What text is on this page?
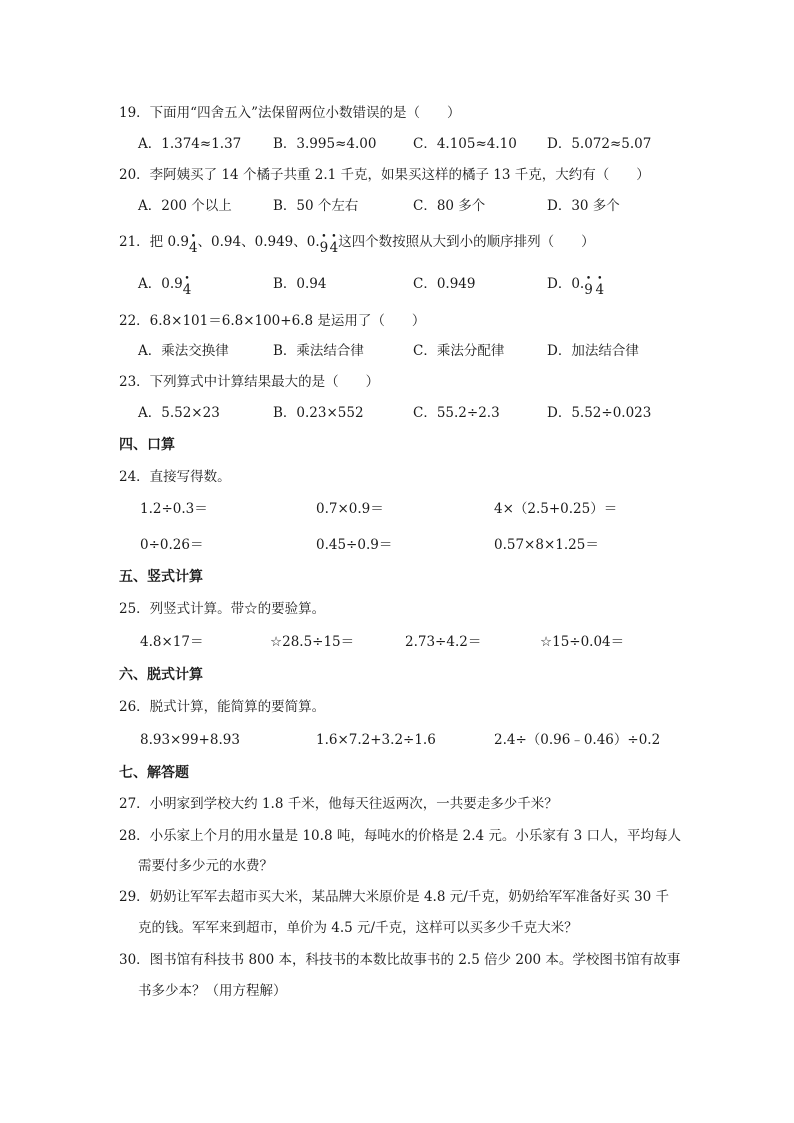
19．下面用“四舍五入”法保留两位小数错误的是（　　）
A．1.374≈1.37 B．3.995≈4.00	C．4.105≈4.10 D．5.072≈5.07
20．李阿姨买了 14 个橘子共重 2.1 千克，如果买这样的橘子 13 千克，大约有（　　）
A．200 个以上	B．50 个左右	C．80 多个	D．30 多个
21．把 0.9 •
4、0.94、0.949、0. •
9 
•
4这四个数按照从大到小的顺序排列（　　）
A．0.9 •
4	B．0.94	C．0.949	D．0. •
9 
•
4
22．6.8×101＝6.8×100+6.8 是运用了（　　）
A．乘法交换律	B．乘法结合律	C．乘法分配律	D．加法结合律
23．下列算式中计算结果最大的是（　　）
A．5.52×23	B．0.23×552	C．55.2÷2.3	D．5.52÷0.023
四、口算
24．直接写得数。
1.2÷0.3＝	0.7×0.9＝	4×（2.5+0.25）＝
0÷0.26＝	0.45÷0.9＝	0.57×8×1.25＝
五、竖式计算
25．列竖式计算。带☆的要验算。
4.8×17＝	☆28.5÷15＝	2.73÷4.2＝	☆15÷0.04＝
六、脱式计算
26．脱式计算，能简算的要简算。
8.93×99+8.93	1.6×7.2+3.2÷1.6	2.4÷（0.96﹣0.46）÷0.2
七、解答题
27．小明家到学校大约 1.8 千米，他每天往返两次，一共要走多少千米？
28．小乐家上个月的用水量是 10.8 吨，每吨水的价格是 2.4 元。小乐家有 3 口人，平均每人
需要付多少元的水费？
29．奶奶让军军去超市买大米，某品牌大米原价是 4.8 元/千克，奶奶给军军准备好买 30 千
克的钱。军军来到超市，单价为 4.5 元/千克，这样可以买多少千克大米？
30．图书馆有科技书 800 本，科技书的本数比故事书的 2.5 倍少 200 本。学校图书馆有故事
书多少本？（用方程解）
